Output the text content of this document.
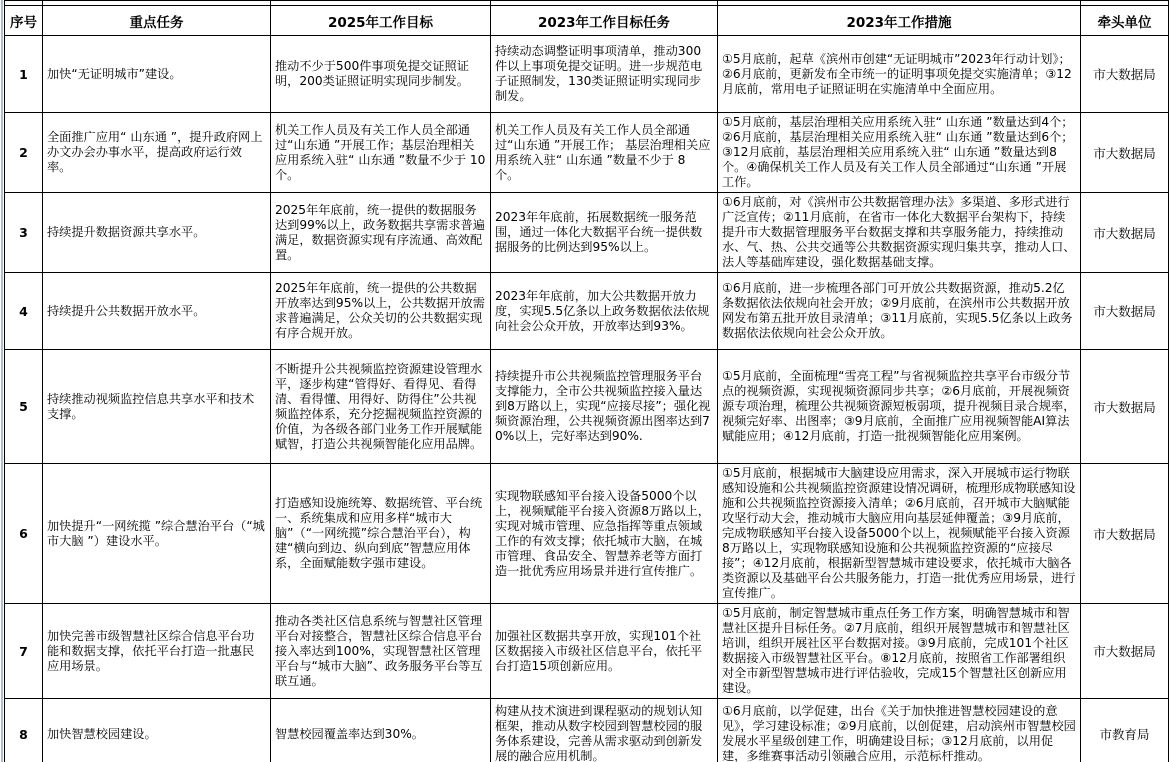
序号	重点任务	2025年工作目标	2023年工作目标任务	2023年工作措施	牵头单位
1	加快“无证明城市”建设。	推动不少于500件事项免提交证照证明，200类证照证明实现同步制发。	持续动态调整证明事项清单，推动300件以上事项免提交证明。进一步规范电子证照制发，130类证照证明实现同步制发。	①5月底前，起草《滨州市创建“无证明城市”2023年行动计划》；②6月底前，更新发布全市统一的证明事项免提交实施清单；③12月底前，常用电子证照证明在实施清单中全面应用。	市大数据局
2	全面推广应用“ 山东通 ”，提升政府网上办文办会办事水平，提高政府运行效率。	机关工作人员及有关工作人员全部通过“山东通 ”开展工作；基层治理相关应用系统入驻“ 山东通 ”数量不少于 10 个。	机关工作人员及有关工作人员全部通过“山东通 ”开展工作； 基层治理相关应用系统入驻“ 山东通 ”数量不少于 8 个。	①5月底前，基层治理相关应用系统入驻“ 山东通 ”数量达到4个；②6月底前，基层治理相关应用系统入驻“ 山东通 ”数量达到6个；③12月底前，基层治理相关应用系统入驻“ 山东通 ”数量达到8个。④确保机关工作人员及有关工作人员全部通过“山东通 ”开展工作。	市大数据局
3	持续提升数据资源共享水平。	2025年年底前，统一提供的数据服务达到99%以上，政务数据共享需求普遍满足，数据资源实现有序流通、高效配置。	2023年年底前，拓展数据统一服务范围，通过一体化大数据平台统一提供数据服务的比例达到95%以上。	①6月底前，对《滨州市公共数据管理办法》多渠道、多形式进行广泛宣传；②11月底前，在省市一体化大数据平台架构下，持续提升市大数据管理服务平台数据支撑和共享服务能力，持续推动水、气、热、公共交通等公共数据资源实现归集共享，推动人口、法人等基础库建设，强化数据基础支撑。	市大数据局
4	持续提升公共数据开放水平。	2025年年底前，统一提供的公共数据开放率达到95%以上，公共数据开放需求普遍满足，公众关切的公共数据实现有序合规开放。	2023年年底前，加大公共数据开放力度，实现5.5亿条以上政务数据依法依规向社会公众开放，开放率达到93%。	①6月底前，进一步梳理各部门可开放公共数据资源，推动5.2亿条数据依法依规向社会开放；②9月底前，在滨州市公共数据开放网发布第五批开放目录清单；③11月底前，实现5.5亿条以上政务数据依法依规向社会公众开放。	市大数据局
5	持续推动视频监控信息共享水平和技术支撑。	不断提升公共视频监控资源建设管理水平，逐步构建“管得好、看得见、看得清、看得懂、用得好、防得住”公共视频监控体系，充分挖掘视频监控资源的价值，为各级各部门业务工作开展赋能赋智，打造公共视频智能化应用品牌。	持续提升市公共视频监控管理服务平台支撑能力，全市公共视频监控接入量达到8万路以上，实现“应接尽接”；强化视频资源治理，公共视频资源出图率达到70%以上，完好率达到90%.	①5月底前，全面梳理“雪亮工程”与省视频监控共享平台市级分节点的视频资源，实现视频资源同步共享；②6月底前，开展视频资源专项治理，梳理公共视频资源短板弱项，提升视频目录合规率，视频完好率、出图率；③9月底前，全面推广应用视频智能AI算法赋能应用；④12月底前，打造一批视频智能化应用案例。	市大数据局
6	加快提升“一网统揽 ”综合慧治平台（“城市大脑 ”）建设水平。	打造感知设施统筹、数据统管、平台统一、系统集成和应用多样“城市大脑”（“一网统揽”综合慧治平台），构建“横向到边、纵向到底”智慧应用体系，全面赋能数字强市建设。	实现物联感知平台接入设备5000个以上，视频赋能平台接入资源8万路以上，实现对城市管理、应急指挥等重点领域工作的有效支撑；依托城市大脑，在城市管理、食品安全、智慧养老等方面打造一批优秀应用场景并进行宣传推广。	①5月底前，根据城市大脑建设应用需求，深入开展城市运行物联感知设施和公共视频监控资源建设情况调研，梳理形成物联感知设施和公共视频监控资源接入清单；②6月底前，召开城市大脑赋能攻坚行动大会，推动城市大脑应用向基层延伸覆盖；③9月底前，完成物联感知平台接入设备5000个以上，视频赋能平台接入资源8万路以上，实现物联感知设施和公共视频监控资源的“应接尽接”；④12月底前，根据新型智慧城市建设要求，依托城市大脑各类资源以及基础平台公共服务能力，打造一批优秀应用场景，进行宣传推广。	市大数据局
7	加快完善市级智慧社区综合信息平台功能和数据支撑，依托平台打造一批惠民应用场景。	推动各类社区信息系统与智慧社区管理平台对接整合，智慧社区综合信息平台接入率达到100%，实现智慧社区管理平台与“城市大脑”、政务服务平台等互联互通。	加强社区数据共享开放，实现101个社区数据接入市级社区信息平台，依托平台打造15项创新应用。	①5月底前，制定智慧城市重点任务工作方案，明确智慧城市和智慧社区提升目标任务。②7月底前，组织开展智慧城市和智慧社区培训，组织开展社区平台数据对接。③9月底前，完成101个社区数据接入市级智慧社区平台。⑧12月底前，按照省工作部署组织对全市新型智慧城市进行评估验收，完成15个智慧社区创新应用建设。	市大数据局
8	加快智慧校园建设。	智慧校园覆盖率达到30%。	构建从技术演进到课程驱动的规划认知框架，推动从数字校园到智慧校园的服务体系建设，完善从需求驱动到创新发展的融合应用机制。	①6月底前，以学促建，出台《关于加快推进智慧校园建设的意见》，学习建设标准；②9月底前，以创促建，启动滨州市智慧校园发展水平星级创建工作，明确建设目标；③12月底前，以用促建，多维赛事活动引领融合应用，示范标杆推动。	市教育局
